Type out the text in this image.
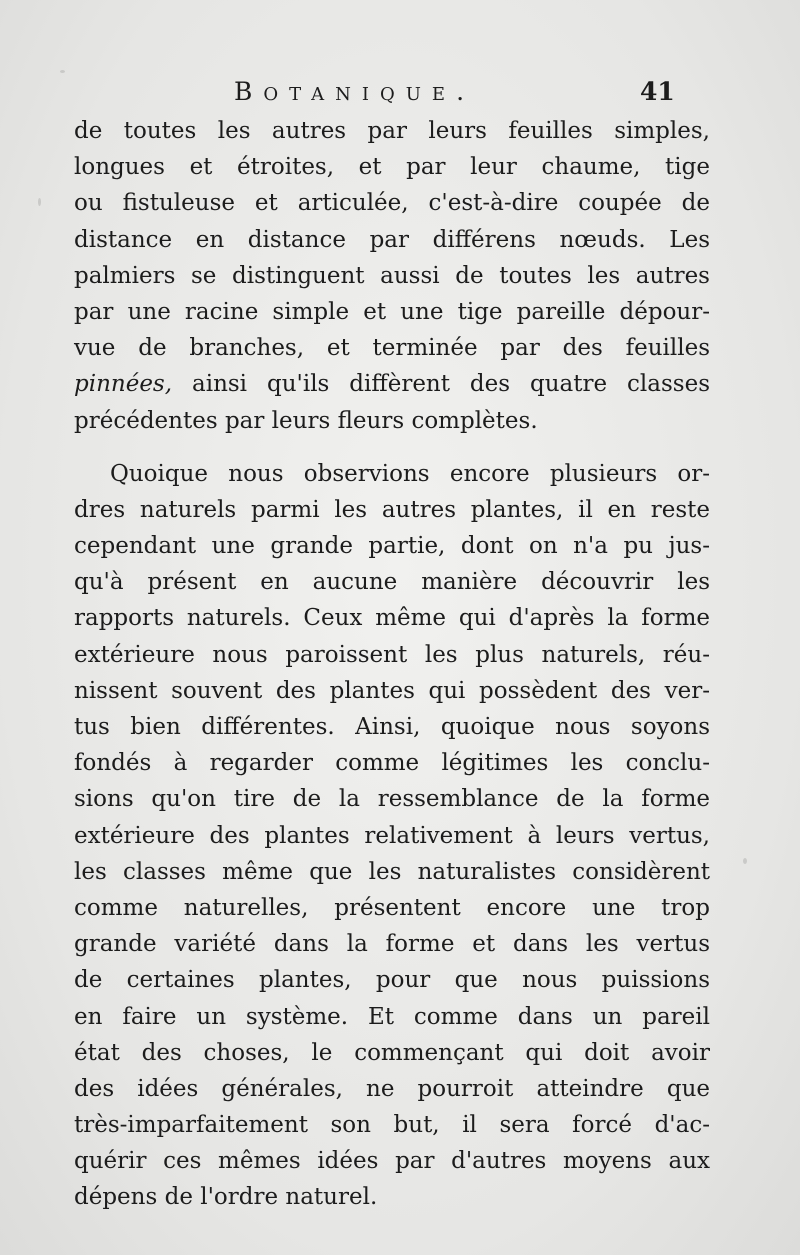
Botanique.	41
de toutes les autres par leurs feuilles simples,
longues et étroites, et par leur chaume, tige
ou fistuleuse et articulée, c'est-à-dire coupée de
distance en distance par différens nœuds. Les
palmiers se distinguent aussi de toutes les autres
par une racine simple et une tige pareille dépour-
vue de branches, et terminée par des feuilles
pinnées, ainsi qu'ils diffèrent des quatre classes
précédentes par leurs fleurs complètes.
Quoique nous observions encore plusieurs or-
dres naturels parmi les autres plantes, il en reste
cependant une grande partie, dont on n'a pu jus-
qu'à présent en aucune manière découvrir les
rapports naturels. Ceux même qui d'après la forme
extérieure nous paroissent les plus naturels, réu-
nissent souvent des plantes qui possèdent des ver-
tus bien différentes. Ainsi, quoique nous soyons
fondés à regarder comme légitimes les conclu-
sions qu'on tire de la ressemblance de la forme
extérieure des plantes relativement à leurs vertus,
les classes même que les naturalistes considèrent
comme naturelles, présentent encore une trop
grande variété dans la forme et dans les vertus
de certaines plantes, pour que nous puissions
en faire un système. Et comme dans un pareil
état des choses, le commençant qui doit avoir
des idées générales, ne pourroit atteindre que
très-imparfaitement son but, il sera forcé d'ac-
quérir ces mêmes idées par d'autres moyens aux
dépens de l'ordre naturel.
